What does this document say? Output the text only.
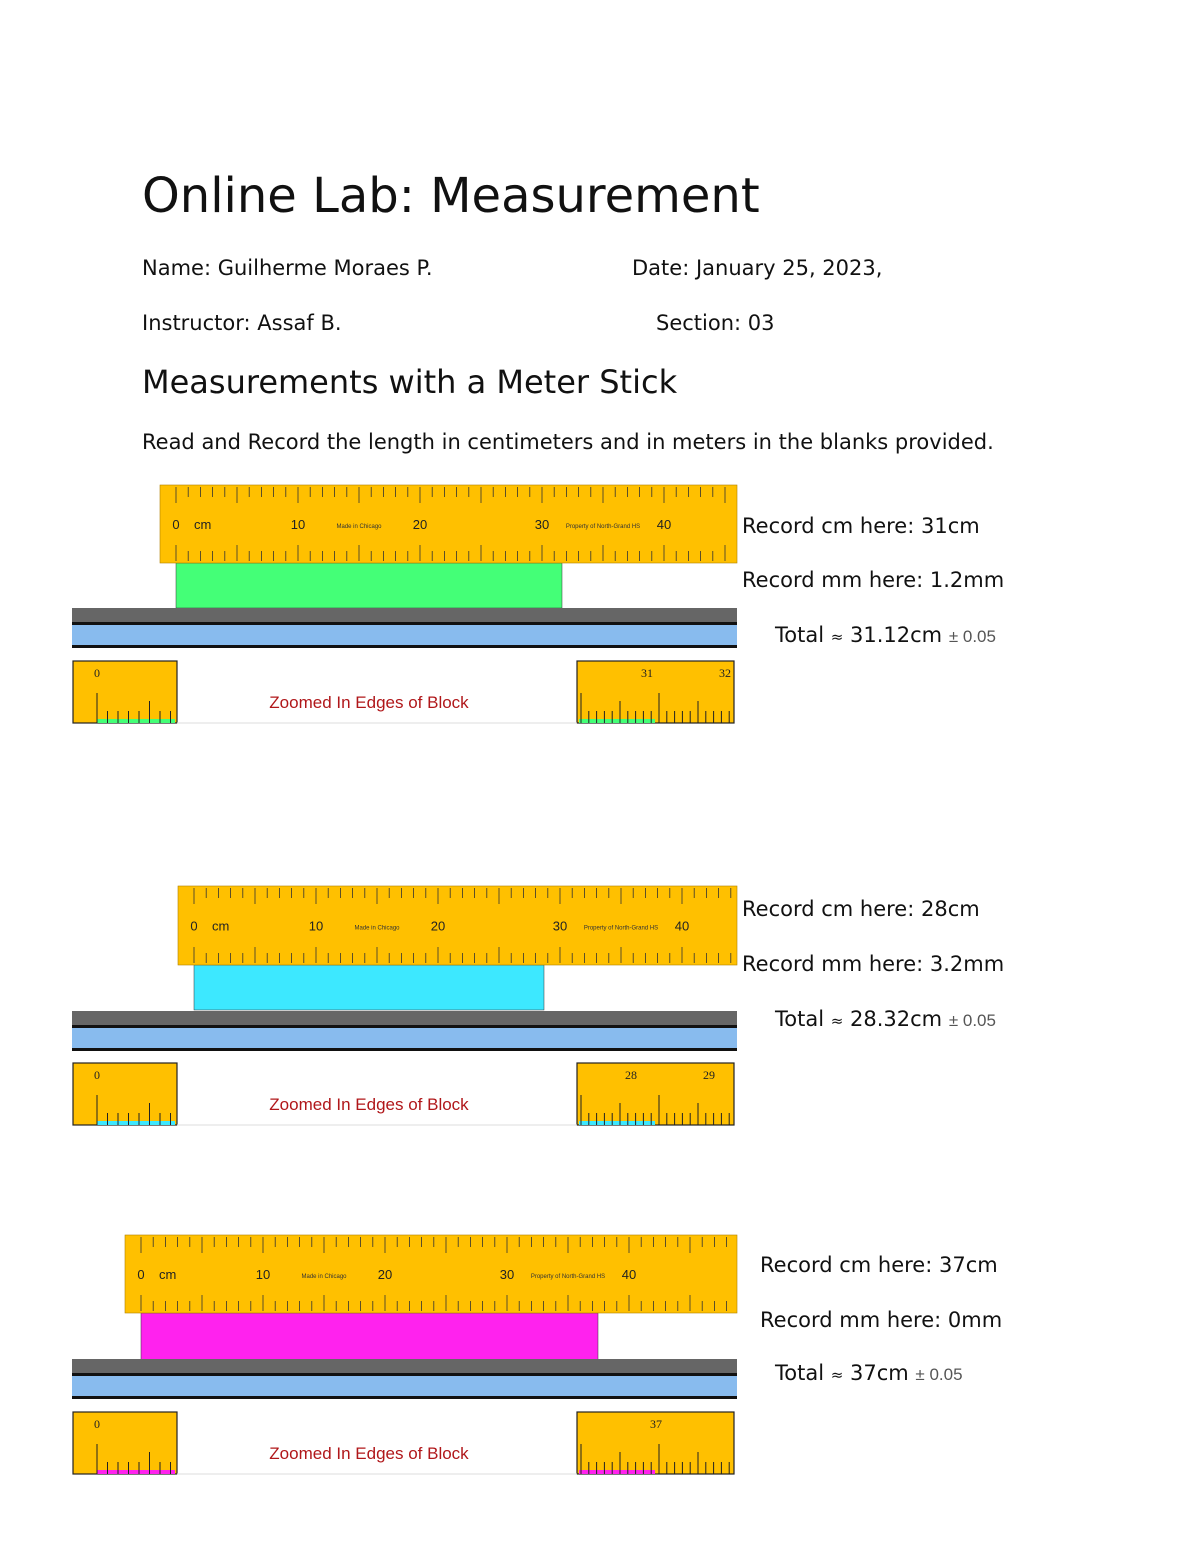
Online Lab: Measurement
Name: Guilherme Moraes P.	Date: January 25, 2023,
Instructor: Assaf B.	Section: 03
Measurements with a Meter Stick
Read and Record the length in centimeters and in meters in the blanks provided.
Record cm here: 31cm
Record mm here: 1.2mm
Total ≈ 31.12cm ± 0.05
Record cm here: 28cm
Record mm here: 3.2mm
Total ≈ 28.32cm ± 0.05
Record cm here: 37cm
Record mm here: 0mm
Total ≈ 37cm ± 0.05
0	10	20	30	40
cm	Made in Chicago	Property of North-Grand HS
0	31	32
Zoomed In Edges of Block
0	10	20	30	40
cm	Made in Chicago	Property of North-Grand HS
0	28	29
Zoomed In Edges of Block
0	10	20	30	40
cm	Made in Chicago	Property of North-Grand HS
0	37
Zoomed In Edges of Block
